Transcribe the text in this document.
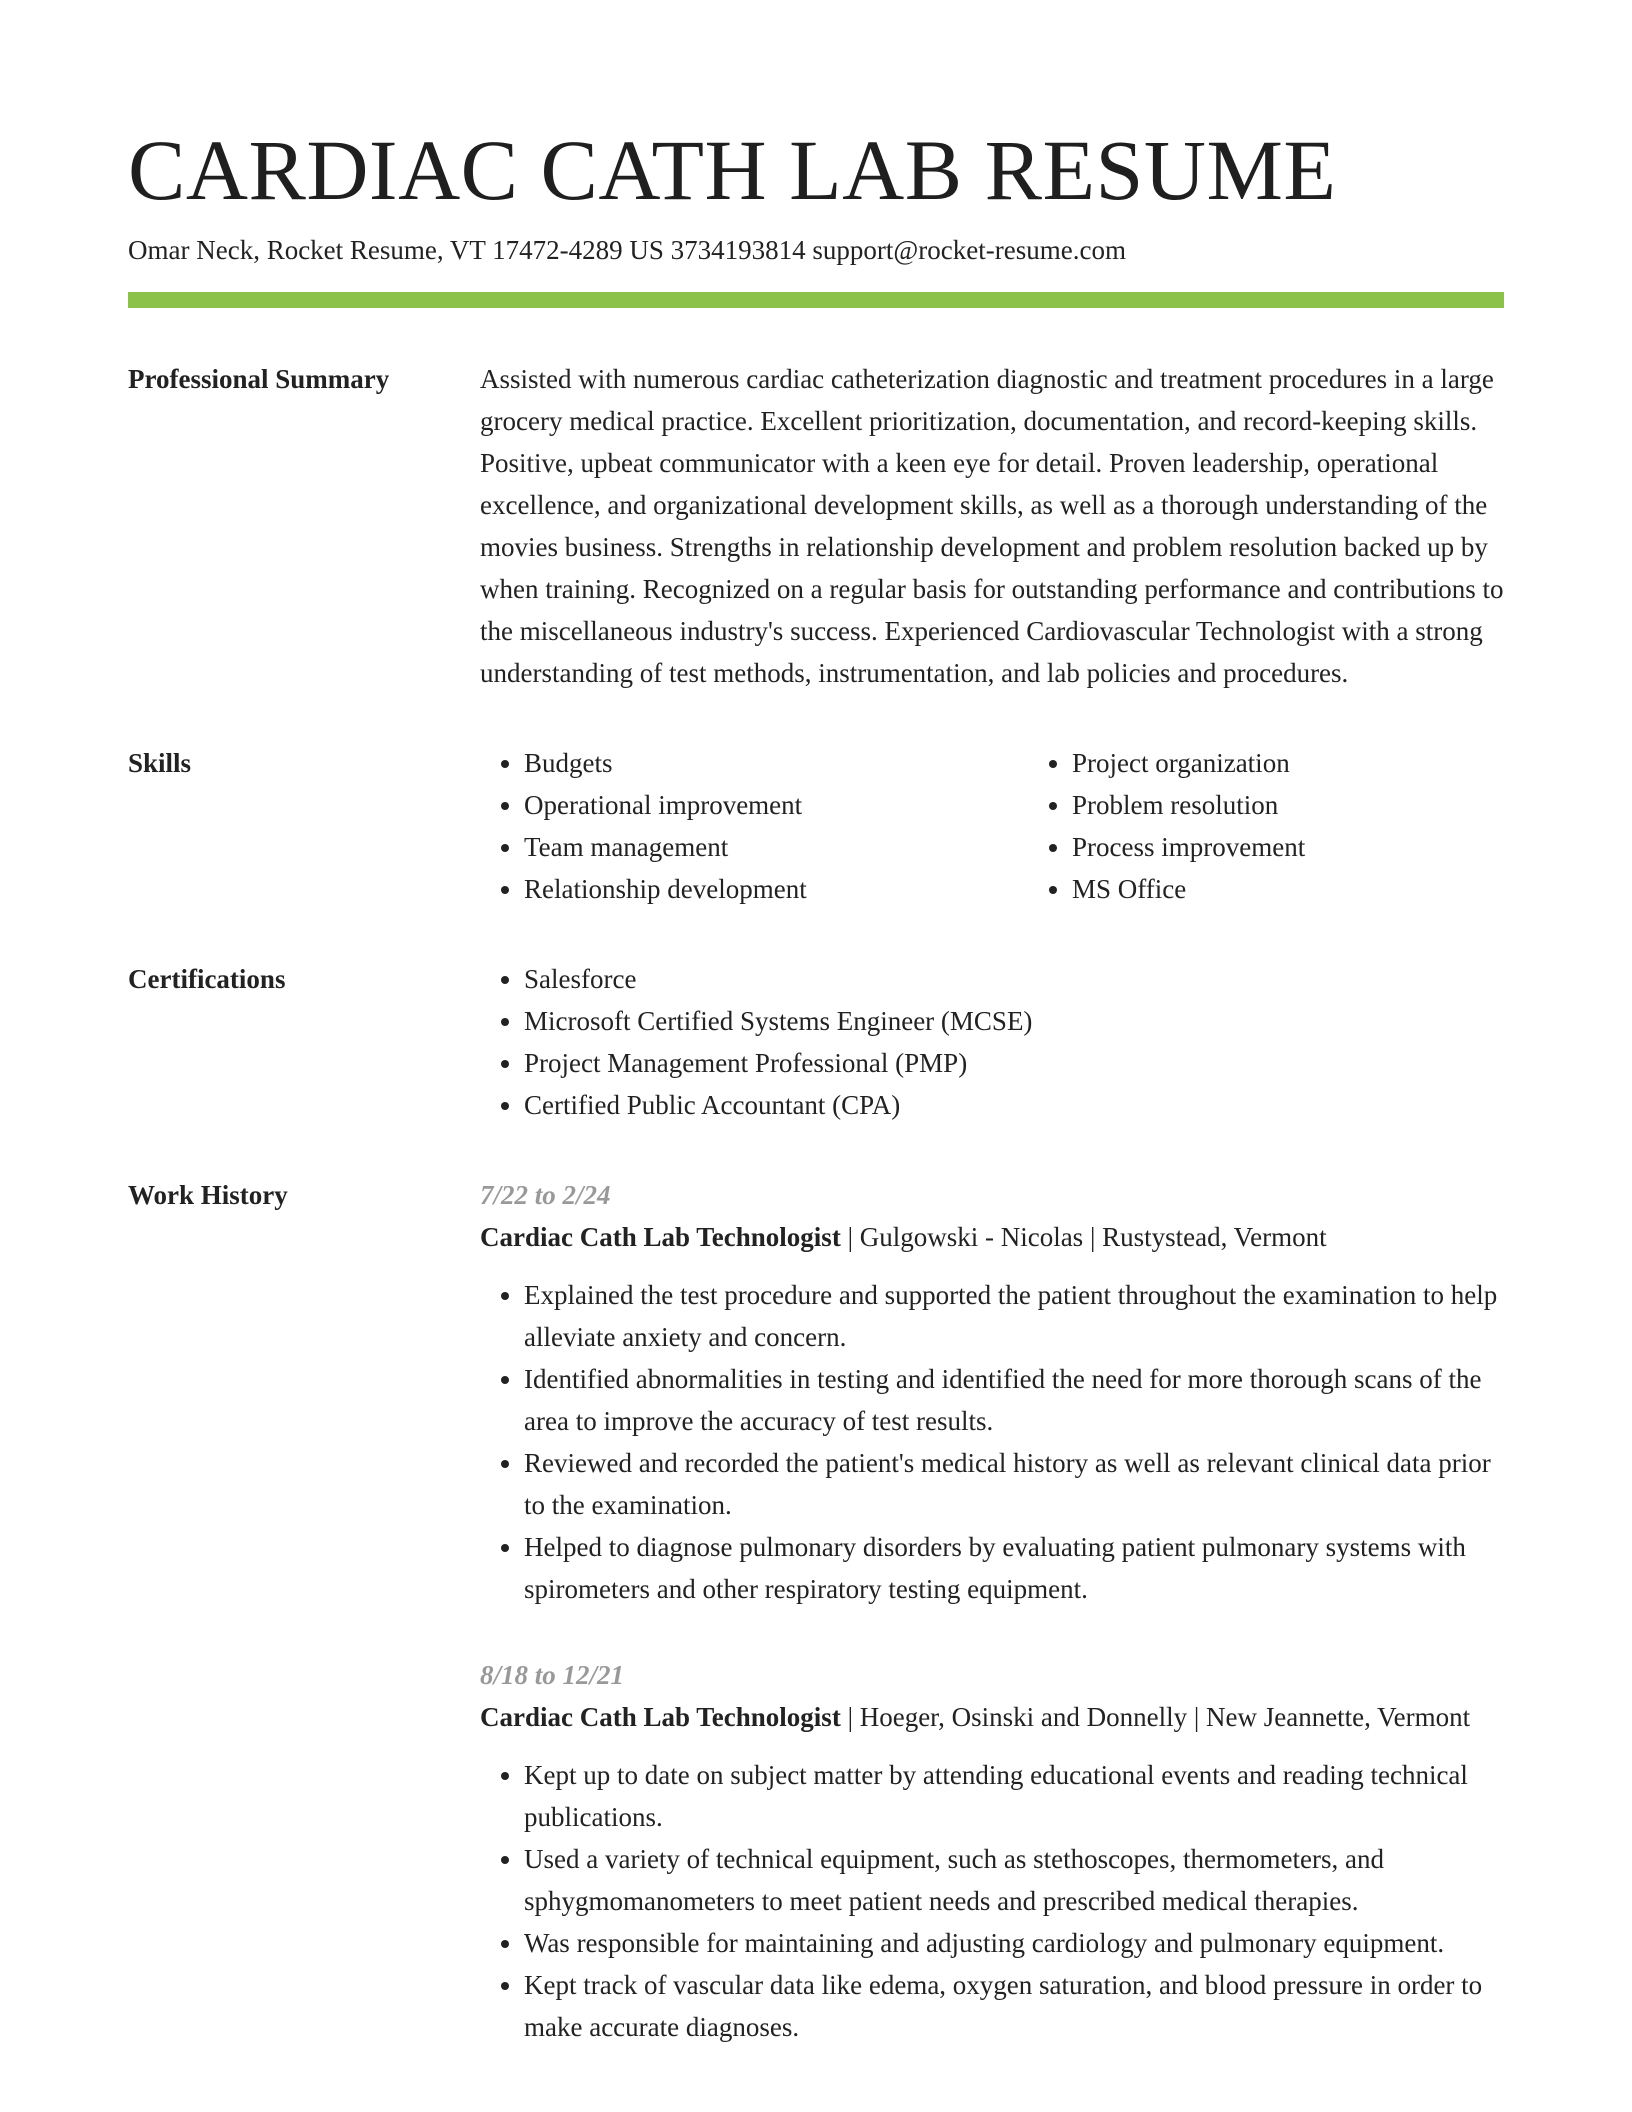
CARDIAC CATH LAB RESUME
Omar Neck, Rocket Resume, VT 17472-4289 US 3734193814 support@rocket-resume.com
Professional Summary	Assisted with numerous cardiac catheterization diagnostic and treatment procedures in a large grocery medical practice. Excellent prioritization, documentation, and record-keeping skills. Positive, upbeat communicator with a keen eye for detail. Proven leadership, operational excellence, and organizational development skills, as well as a thorough understanding of the movies business. Strengths in relationship development and problem resolution backed up by when training. Recognized on a regular basis for outstanding performance and contributions to the miscellaneous industry's success. Experienced Cardiovascular Technologist with a strong understanding of test methods, instrumentation, and lab policies and procedures.

Skills	• Budgets
• Operational improvement
• Team management
• Relationship development
• Project organization
• Problem resolution
• Process improvement
• MS Office
Certifications	• Salesforce
• Microsoft Certified Systems Engineer (MCSE)
• Project Management Professional (PMP)
• Certified Public Accountant (CPA)
Work History	7/22 to 2/24
Cardiac Cath Lab Technologist | Gulgowski - Nicolas | Rustystead, Vermont
• Explained the test procedure and supported the patient throughout the examination to help alleviate anxiety and concern.
• Identified abnormalities in testing and identified the need for more thorough scans of the area to improve the accuracy of test results.
• Reviewed and recorded the patient's medical history as well as relevant clinical data prior to the examination.
• Helped to diagnose pulmonary disorders by evaluating patient pulmonary systems with spirometers and other respiratory testing equipment.
8/18 to 12/21
Cardiac Cath Lab Technologist | Hoeger, Osinski and Donnelly | New Jeannette, Vermont
• Kept up to date on subject matter by attending educational events and reading technical publications.
• Used a variety of technical equipment, such as stethoscopes, thermometers, and sphygmomanometers to meet patient needs and prescribed medical therapies.
• Was responsible for maintaining and adjusting cardiology and pulmonary equipment.
• Kept track of vascular data like edema, oxygen saturation, and blood pressure in order to make accurate diagnoses.
